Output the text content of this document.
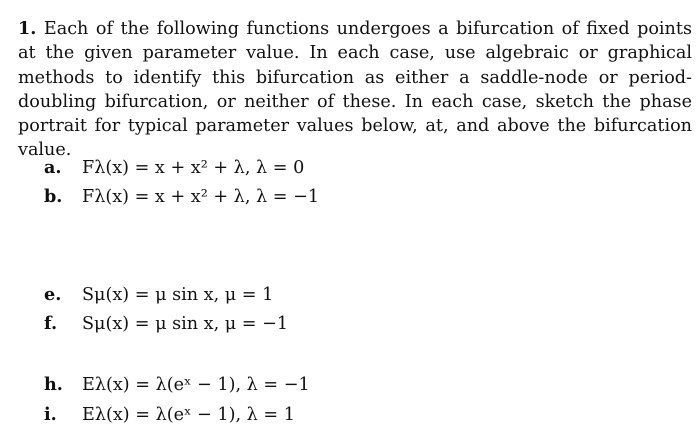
1. Each of the following functions undergoes a bifurcation of fixed points at the given parameter value. In each case, use algebraic or graphical methods to identify this bifurcation as either a saddle-node or period-doubling bifurcation, or neither of these. In each case, sketch the phase portrait for typical parameter values below, at, and above the bifurcation value.
a. Fλ(x) = x + x² + λ, λ = 0
b. Fλ(x) = x + x² + λ, λ = −1
e. Sμ(x) = μ sin x, μ = 1
f. Sμ(x) = μ sin x, μ = −1
h. Eλ(x) = λ(eˣ − 1), λ = −1
i. Eλ(x) = λ(eˣ − 1), λ = 1
